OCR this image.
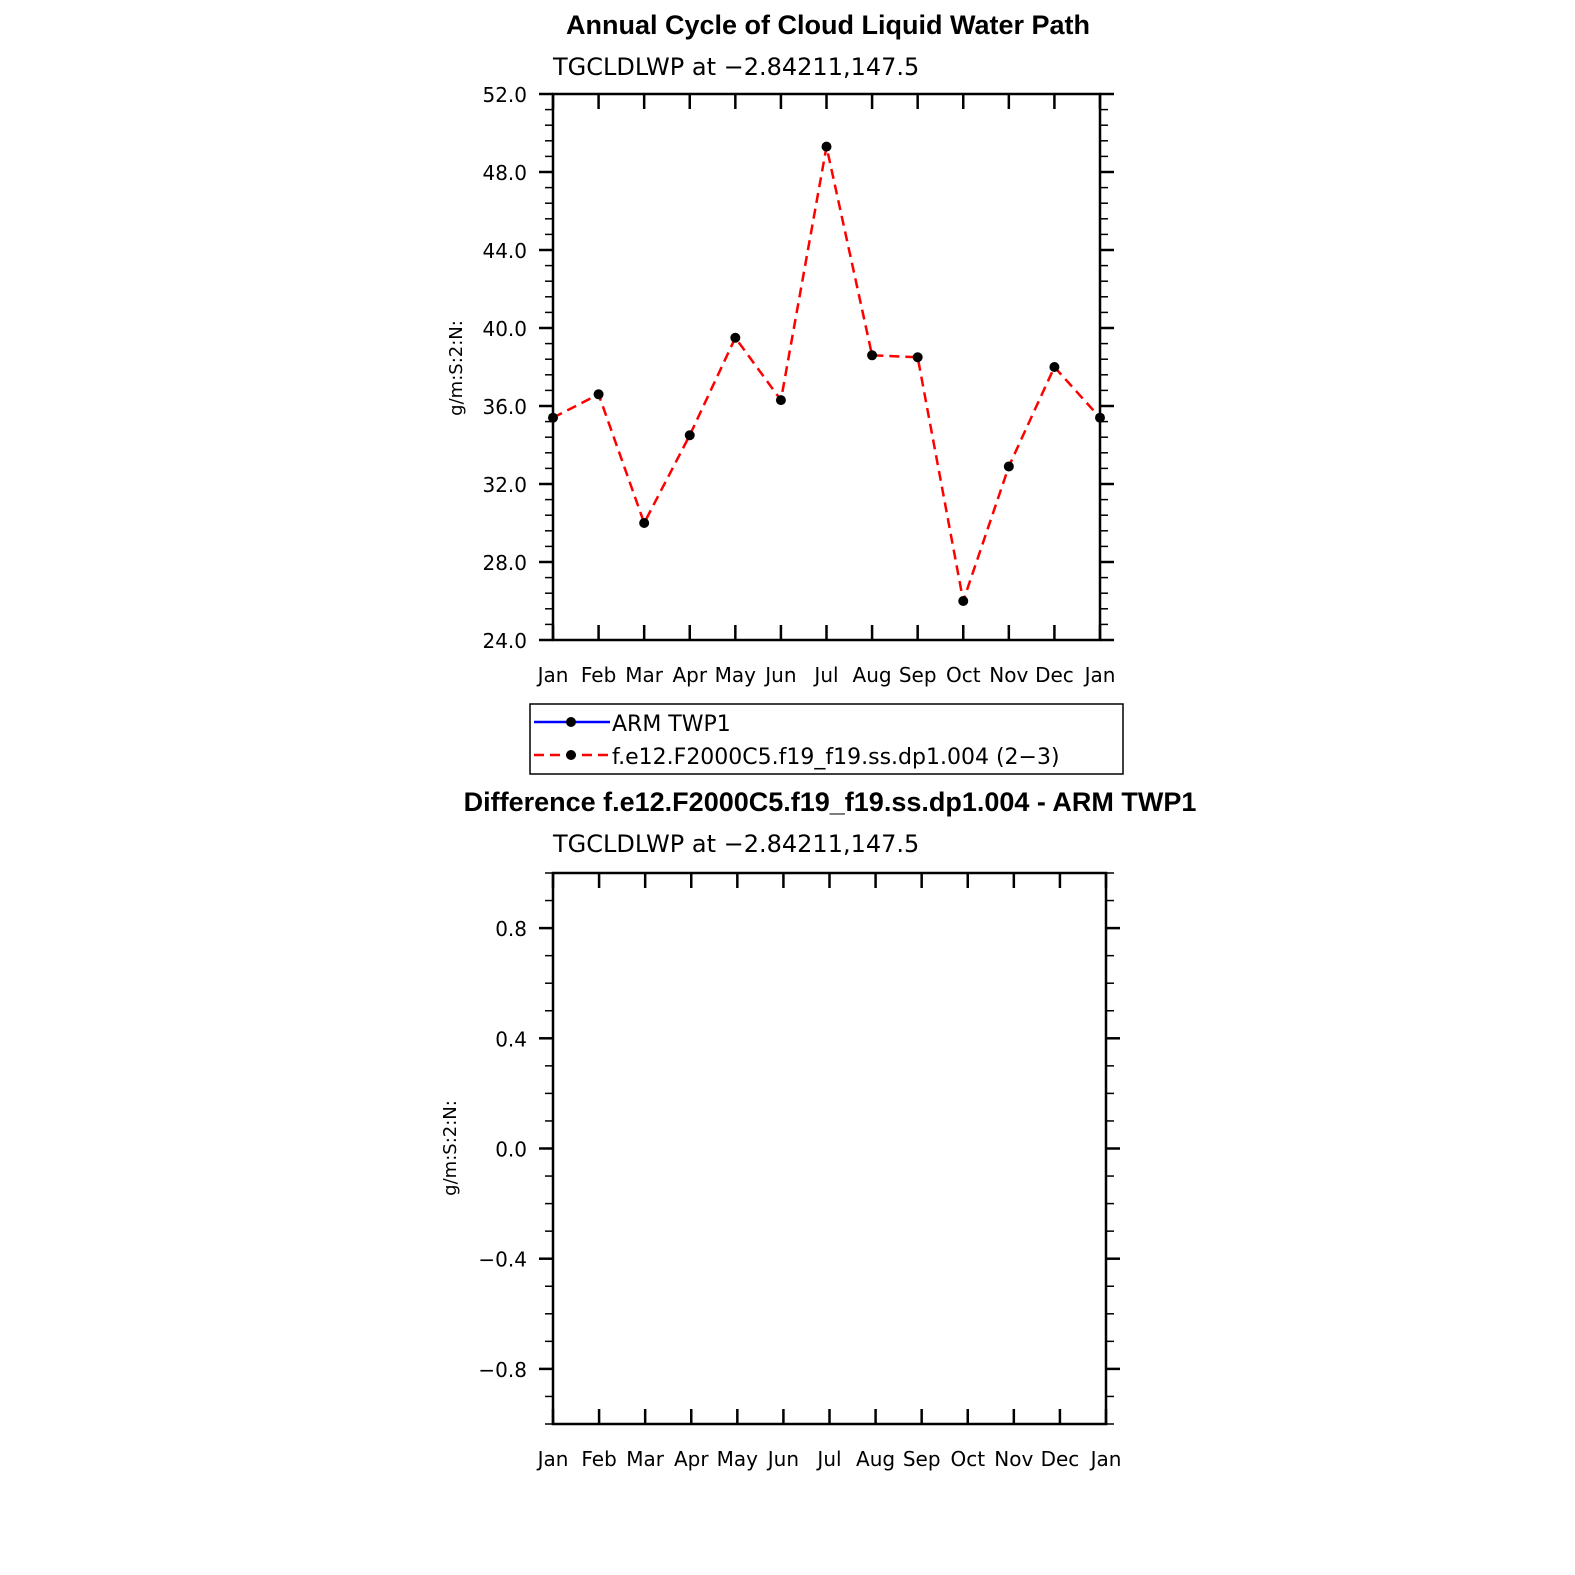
Annual Cycle of Cloud Liquid Water Path
TGCLDLWP at −2.84211,147.5
g/m:S:2:N:
Jan Feb Mar Apr May Jun Jul Aug Sep Oct Nov Dec Jan
24.0
28.0
32.0
36.0
40.0
44.0
48.0
52.0
ARM TWP1
f.e12.F2000C5.f19_f19.ss.dp1.004 (2−3)
Difference f.e12.F2000C5.f19_f19.ss.dp1.004 - ARM TWP1
TGCLDLWP at −2.84211,147.5
g/m:S:2:N:
Jan Feb Mar Apr May Jun Jul Aug Sep Oct Nov Dec Jan
−0.8
−0.4
0.0
0.4
0.8
